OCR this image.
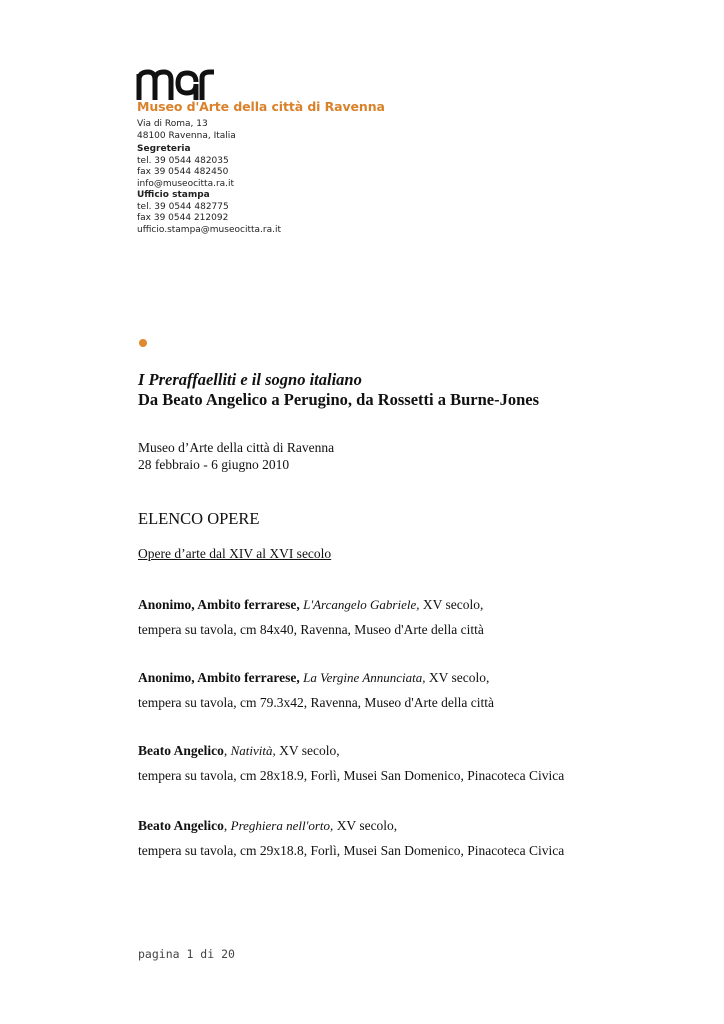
Museo d'Arte della città di Ravenna
Via di Roma, 13
48100 Ravenna, Italia
Segreteria
tel. 39 0544 482035
fax 39 0544 482450
info@museocitta.ra.it
Ufficio stampa
tel. 39 0544 482775
fax 39 0544 212092
ufficio.stampa@museocitta.ra.it
I Preraffaelliti e il sogno italiano
Da Beato Angelico a Perugino, da Rossetti a Burne-Jones
Museo d’Arte della città di Ravenna
28 febbraio - 6 giugno 2010
ELENCO OPERE
Opere d’arte dal XIV al XVI secolo
Anonimo, Ambito ferrarese, L'Arcangelo Gabriele, XV secolo,
tempera su tavola, cm 84x40, Ravenna, Museo d'Arte della città
Anonimo, Ambito ferrarese, La Vergine Annunciata, XV secolo,
tempera su tavola, cm 79.3x42, Ravenna, Museo d'Arte della città
Beato Angelico, Natività, XV secolo,
tempera su tavola, cm 28x18.9, Forlì, Musei San Domenico, Pinacoteca Civica
Beato Angelico, Preghiera nell'orto, XV secolo,
tempera su tavola, cm 29x18.8, Forlì, Musei San Domenico, Pinacoteca Civica
pagina 1 di 20
